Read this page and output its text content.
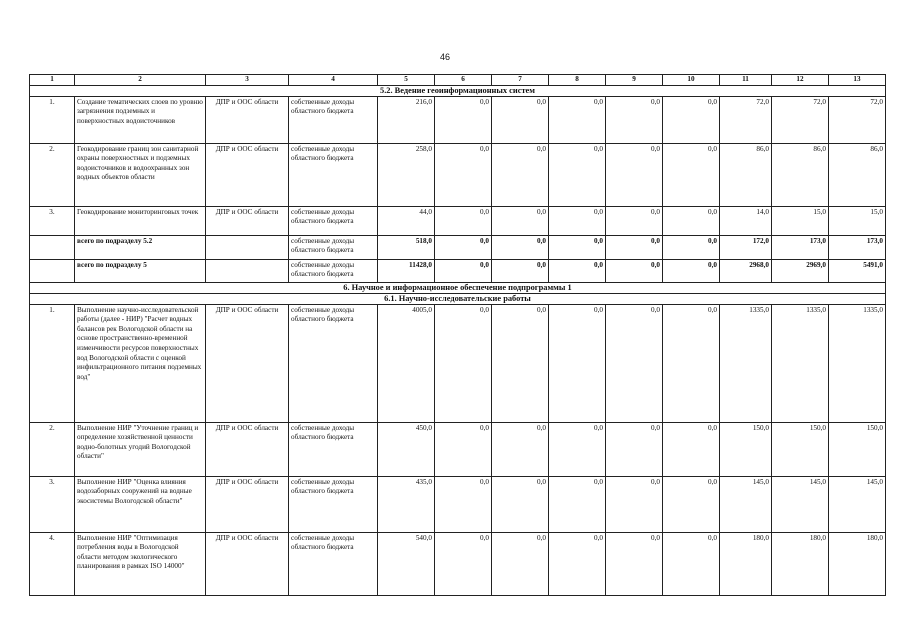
46
1	2	3	4	5	6	7	8	9	10	11	12	13
5.2. Ведение геоинформационных систем												
1.	Создание тематических слоев по уровню загрязнения подземных и поверхностных водоисточников	ДПР и ООС области	собственные доходы областного бюджета	216,0	0,0	0,0	0,0	0,0	0,0	72,0	72,0	72,0
2.	Геокодирование границ зон санитарной охраны поверхностных и подземных водоисточников и водоохранных зон водных объектов области	ДПР и ООС области	собственные доходы областного бюджета	258,0	0,0	0,0	0,0	0,0	0,0	86,0	86,0	86,0
3.	Геокодирование мониторинговых точек	ДПР и ООС области	собственные доходы областного бюджета	44,0	0,0	0,0	0,0	0,0	0,0	14,0	15,0	15,0
	всего по подразделу 5.2		собственные доходы областного бюджета	518,0	0,0	0,0	0,0	0,0	0,0	172,0	173,0	173,0
	всего по подразделу 5		собственные доходы областного бюджета	11428,0	0,0	0,0	0,0	0,0	0,0	2968,0	2969,0	5491,0
6. Научное и информационное обеспечение подпрограммы 1												
6.1. Научно-исследовательские работы												
1.	Выполнение научно-исследовательской работы (далее - НИР) "Расчет водных балансов рек Вологодской области на основе пространственно-временной изменчивости ресурсов поверхностных вод Вологодской области с оценкой инфильтрационного питания подземных вод"	ДПР и ООС области	собственные доходы областного бюджета	4005,0	0,0	0,0	0,0	0,0	0,0	1335,0	1335,0	1335,0
2.	Выполнение НИР "Уточнение границ и определение хозяйственной ценности водно-болотных угодий Вологодской области"	ДПР и ООС области	собственные доходы областного бюджета	450,0	0,0	0,0	0,0	0,0	0,0	150,0	150,0	150,0
3.	Выполнение НИР "Оценка влияния водозаборных сооружений на водные экосистемы Вологодской области"	ДПР и ООС области	собственные доходы областного бюджета	435,0	0,0	0,0	0,0	0,0	0,0	145,0	145,0	145,0
4.	Выполнение НИР "Оптимизация потребления воды в Вологодской области методом экологического планирования в рамках ISO 14000"	ДПР и ООС области	собственные доходы областного бюджета	540,0	0,0	0,0	0,0	0,0	0,0	180,0	180,0	180,0
